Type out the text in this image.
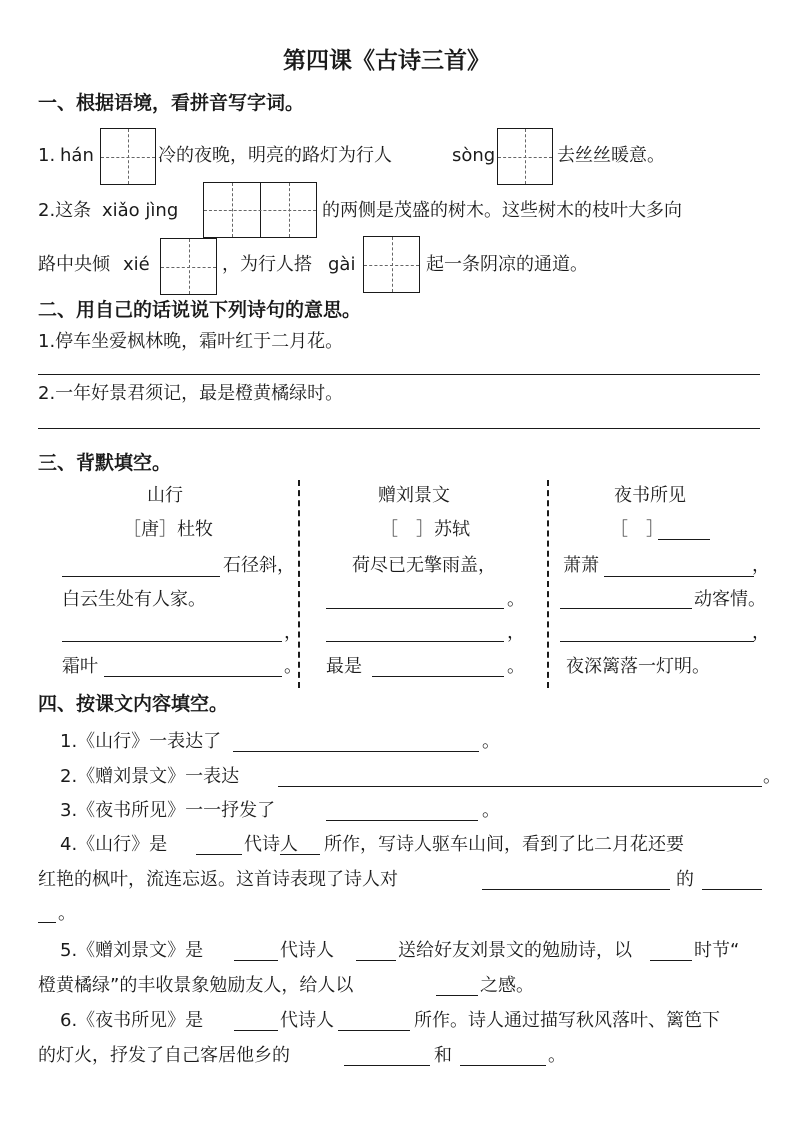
第四课《古诗三首》
一、根据语境，看拼音写字词。
1. hán	冷的夜晚，明亮的路灯为行人	sòng	去丝丝暖意。
2.这条 xiǎo jìng	的两侧是茂盛的树木。这些树木的枝叶大多向
路中央倾 xié	，为行人搭 gài	起一条阴凉的通道。
二、用自己的话说说下列诗句的意思。
1.停车坐爱枫林晚，霜叶红于二月花。
2.一年好景君须记，最是橙黄橘绿时。
三、背默填空。
山行
［唐］杜牧
石径斜，
白云生处有人家。
，
霜叶	。
赠刘景文
［　］苏轼
荷尽已无擎雨盖，
。
，
最是	。
夜书所见
［　］
萧萧	，
动客情。
，
夜深篱落一灯明。
四、按课文内容填空。
1.《山行》一表达了	。
2.《赠刘景文》一表达	。
3.《夜书所见》一一抒发了	。
4.《山行》是	代诗人 所作，写诗人驱车山间，看到了比二月花还要
红艳的枫叶，流连忘返。这首诗表现了诗人对	的
。
5.《赠刘景文》是	代诗人	送给好友刘景文的勉励诗，以	时节“
橙黄橘绿”的丰收景象勉励友人，给人以	之感。
6.《夜书所见》是	代诗人	所作。诗人通过描写秋风落叶、篱笆下
的灯火，抒发了自己客居他乡的	和	。
